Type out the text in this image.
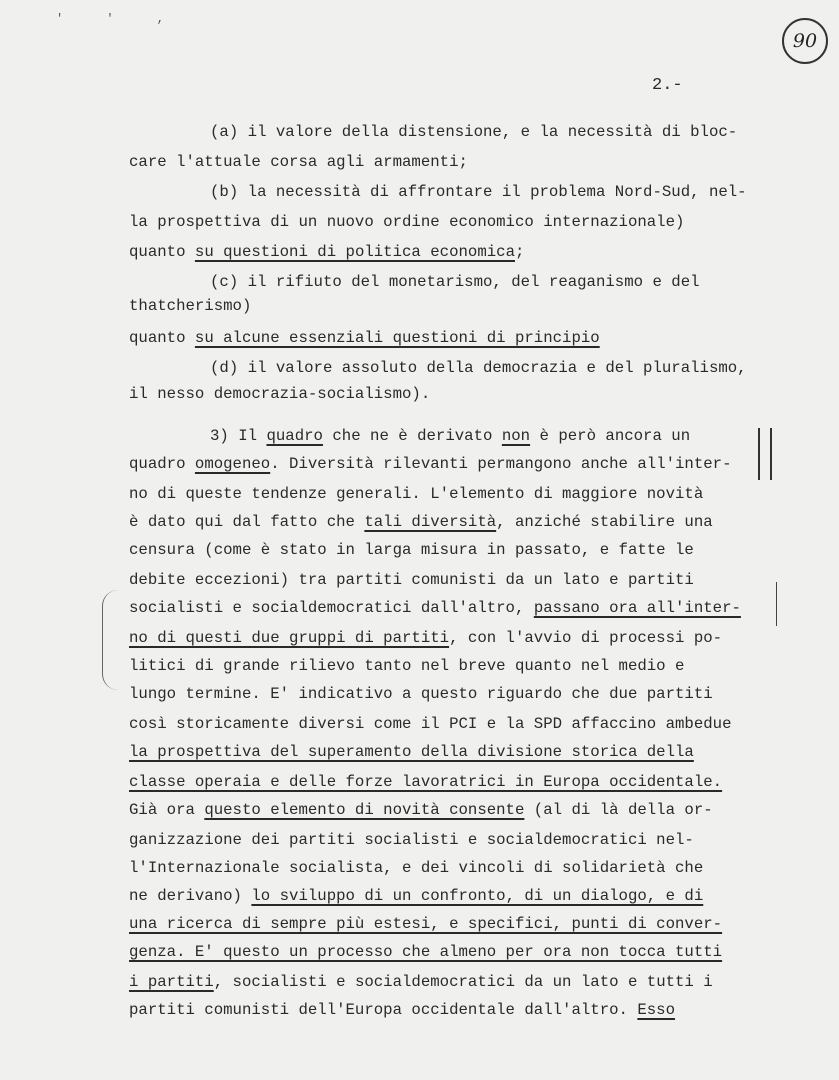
' ' ,
90
2.-
(a) il valore della distensione, e la necessità di bloc-
care l'attuale corsa agli armamenti;
(b) la necessità di affrontare il problema Nord-Sud, nel-
la prospettiva di un nuovo ordine economico internazionale)
quanto su questioni di politica economica;
(c) il rifiuto del monetarismo, del reaganismo e del
thatcherismo)
quanto su alcune essenziali questioni di principio
(d) il valore assoluto della democrazia e del pluralismo,
il nesso democrazia-socialismo).
3) Il quadro che ne è derivato non è però ancora un
quadro omogeneo. Diversità rilevanti permangono anche all'inter-
no di queste tendenze generali. L'elemento di maggiore novità
è dato qui dal fatto che tali diversità, anziché stabilire una
censura (come è stato in larga misura in passato, e fatte le
debite eccezioni) tra partiti comunisti da un lato e partiti
socialisti e socialdemocratici dall'altro, passano ora all'inter-
no di questi due gruppi di partiti, con l'avvio di processi po-
litici di grande rilievo tanto nel breve quanto nel medio e
lungo termine. E' indicativo a questo riguardo che due partiti
così storicamente diversi come il PCI e la SPD affaccino ambedue
la prospettiva del superamento della divisione storica della
classe operaia e delle forze lavoratrici in Europa occidentale.
Già ora questo elemento di novità consente (al di là della or-
ganizzazione dei partiti socialisti e socialdemocratici nel-
l'Internazionale socialista, e dei vincoli di solidarietà che
ne derivano) lo sviluppo di un confronto, di un dialogo, e di
una ricerca di sempre più estesi, e specifici, punti di conver-
genza. E' questo un processo che almeno per ora non tocca tutti
i partiti, socialisti e socialdemocratici da un lato e tutti i
partiti comunisti dell'Europa occidentale dall'altro. Esso
